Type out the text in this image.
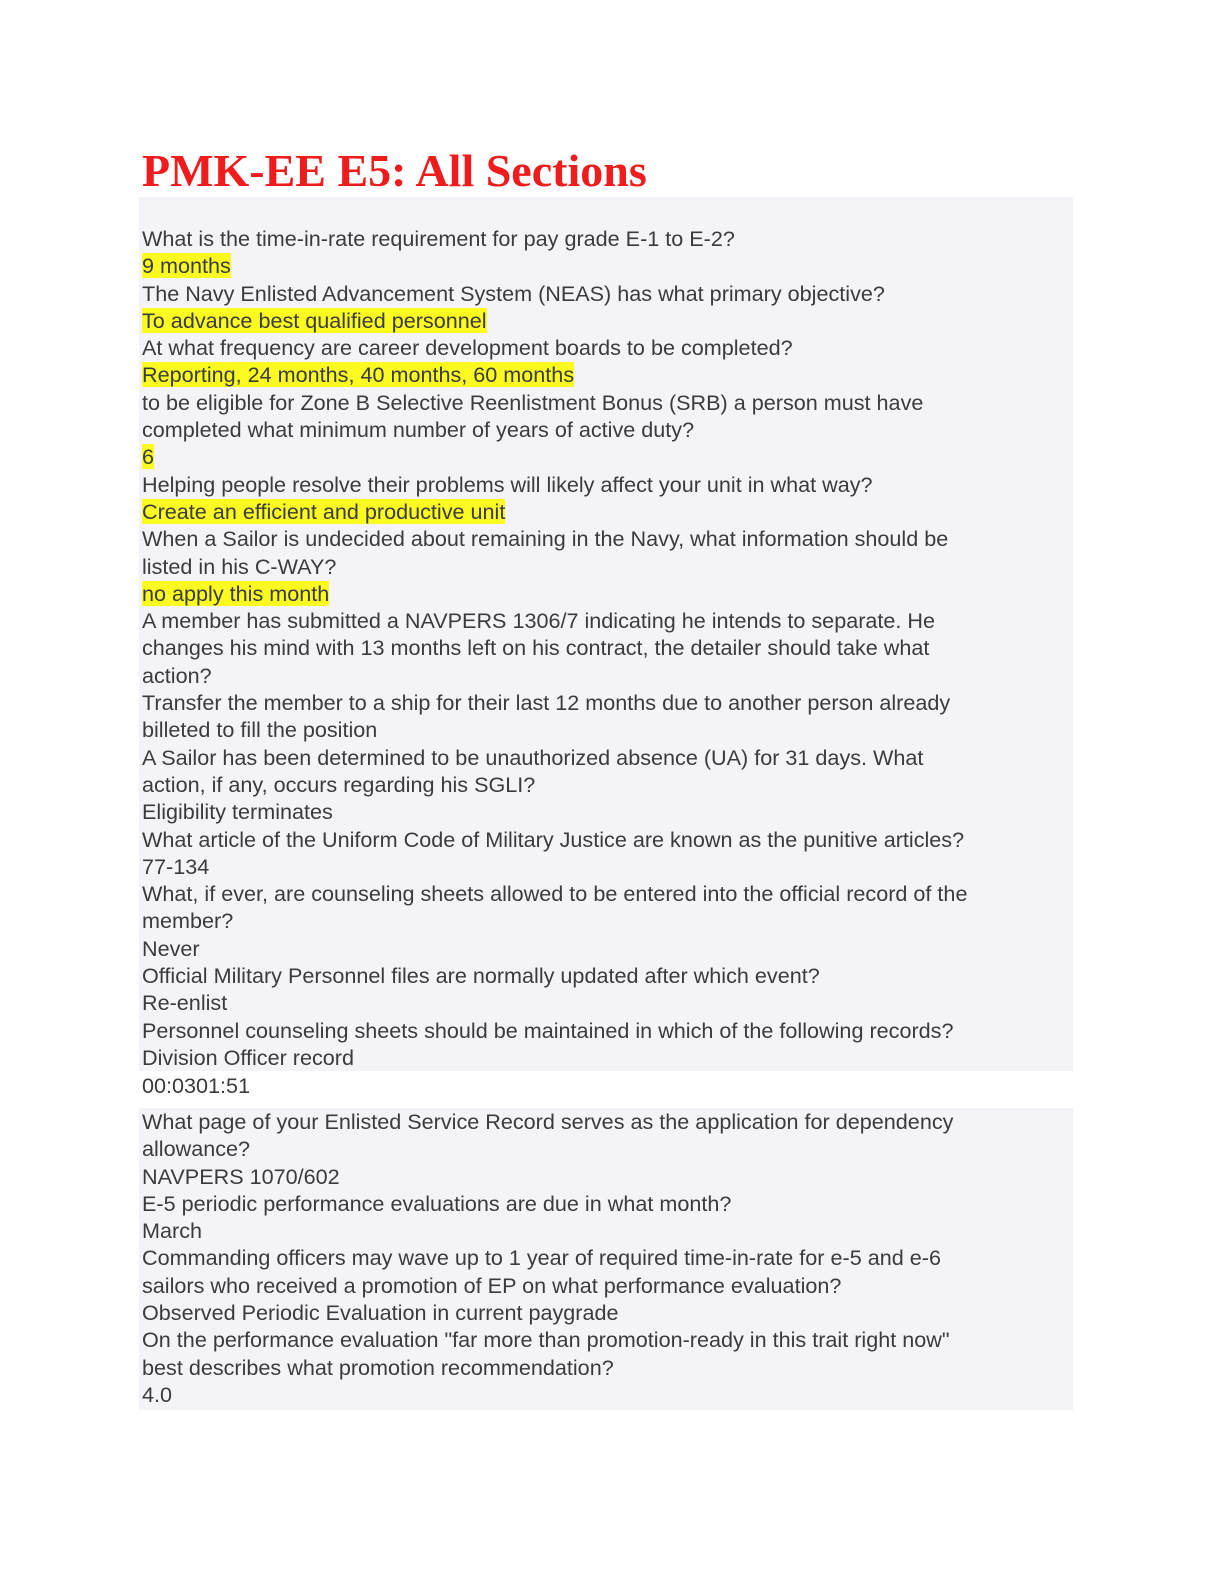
PMK-EE E5: All Sections
What is the time-in-rate requirement for pay grade E-1 to E-2?
9 months
The Navy Enlisted Advancement System (NEAS) has what primary objective?
To advance best qualified personnel
At what frequency are career development boards to be completed?
Reporting, 24 months, 40 months, 60 months
to be eligible for Zone B Selective Reenlistment Bonus (SRB) a person must have
completed what minimum number of years of active duty?
6
Helping people resolve their problems will likely affect your unit in what way?
Create an efficient and productive unit
When a Sailor is undecided about remaining in the Navy, what information should be
listed in his C-WAY?
no apply this month
A member has submitted a NAVPERS 1306/7 indicating he intends to separate. He
changes his mind with 13 months left on his contract, the detailer should take what
action?
Transfer the member to a ship for their last 12 months due to another person already
billeted to fill the position
A Sailor has been determined to be unauthorized absence (UA) for 31 days. What
action, if any, occurs regarding his SGLI?
Eligibility terminates
What article of the Uniform Code of Military Justice are known as the punitive articles?
77-134
What, if ever, are counseling sheets allowed to be entered into the official record of the
member?
Never
Official Military Personnel files are normally updated after which event?
Re-enlist
Personnel counseling sheets should be maintained in which of the following records?
Division Officer record
00:0301:51
What page of your Enlisted Service Record serves as the application for dependency
allowance?
NAVPERS 1070/602
E-5 periodic performance evaluations are due in what month?
March
Commanding officers may wave up to 1 year of required time-in-rate for e-5 and e-6
sailors who received a promotion of EP on what performance evaluation?
Observed Periodic Evaluation in current paygrade
On the performance evaluation "far more than promotion-ready in this trait right now"
best describes what promotion recommendation?
4.0
